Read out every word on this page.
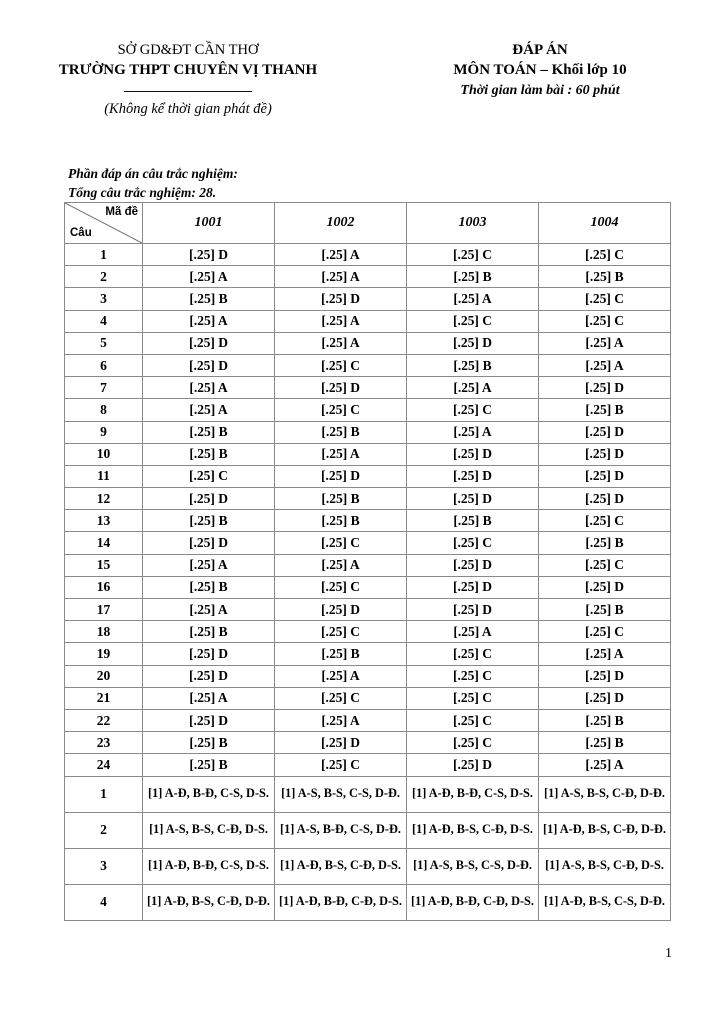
SỞ GD&ĐT CẦN THƠ
TRƯỜNG THPT CHUYÊN VỊ THANH
(Không kể thời gian phát đề)
ĐÁP ÁN
MÔN TOÁN – Khối lớp 10
Thời gian làm bài : 60 phút
Phần đáp án câu trắc nghiệm:
Tổng câu trắc nghiệm: 28.
Mã đề
Câu	1001	1002	1003	1004
1	[.25] D	[.25] A	[.25] C	[.25] C
2	[.25] A	[.25] A	[.25] B	[.25] B
3	[.25] B	[.25] D	[.25] A	[.25] C
4	[.25] A	[.25] A	[.25] C	[.25] C
5	[.25] D	[.25] A	[.25] D	[.25] A
6	[.25] D	[.25] C	[.25] B	[.25] A
7	[.25] A	[.25] D	[.25] A	[.25] D
8	[.25] A	[.25] C	[.25] C	[.25] B
9	[.25] B	[.25] B	[.25] A	[.25] D
10	[.25] B	[.25] A	[.25] D	[.25] D
11	[.25] C	[.25] D	[.25] D	[.25] D
12	[.25] D	[.25] B	[.25] D	[.25] D
13	[.25] B	[.25] B	[.25] B	[.25] C
14	[.25] D	[.25] C	[.25] C	[.25] B
15	[.25] A	[.25] A	[.25] D	[.25] C
16	[.25] B	[.25] C	[.25] D	[.25] D
17	[.25] A	[.25] D	[.25] D	[.25] B
18	[.25] B	[.25] C	[.25] A	[.25] C
19	[.25] D	[.25] B	[.25] C	[.25] A
20	[.25] D	[.25] A	[.25] C	[.25] D
21	[.25] A	[.25] C	[.25] C	[.25] D
22	[.25] D	[.25] A	[.25] C	[.25] B
23	[.25] B	[.25] D	[.25] C	[.25] B
24	[.25] B	[.25] C	[.25] D	[.25] A
1	[1] A-Đ, B-Đ, C-S, D-S.	[1] A-S, B-S, C-S, D-Đ.	[1] A-Đ, B-Đ, C-S, D-S.	[1] A-S, B-S, C-Đ, D-Đ.
2	[1] A-S, B-S, C-Đ, D-S.	[1] A-S, B-Đ, C-S, D-Đ.	[1] A-Đ, B-S, C-Đ, D-S.	[1] A-Đ, B-S, C-Đ, D-Đ.
3	[1] A-Đ, B-Đ, C-S, D-S.	[1] A-Đ, B-S, C-Đ, D-S.	[1] A-S, B-S, C-S, D-Đ.	[1] A-S, B-S, C-Đ, D-S.
4	[1] A-Đ, B-S, C-Đ, D-Đ.	[1] A-Đ, B-Đ, C-Đ, D-S.	[1] A-Đ, B-Đ, C-Đ, D-S.	[1] A-Đ, B-S, C-S, D-Đ.
1
